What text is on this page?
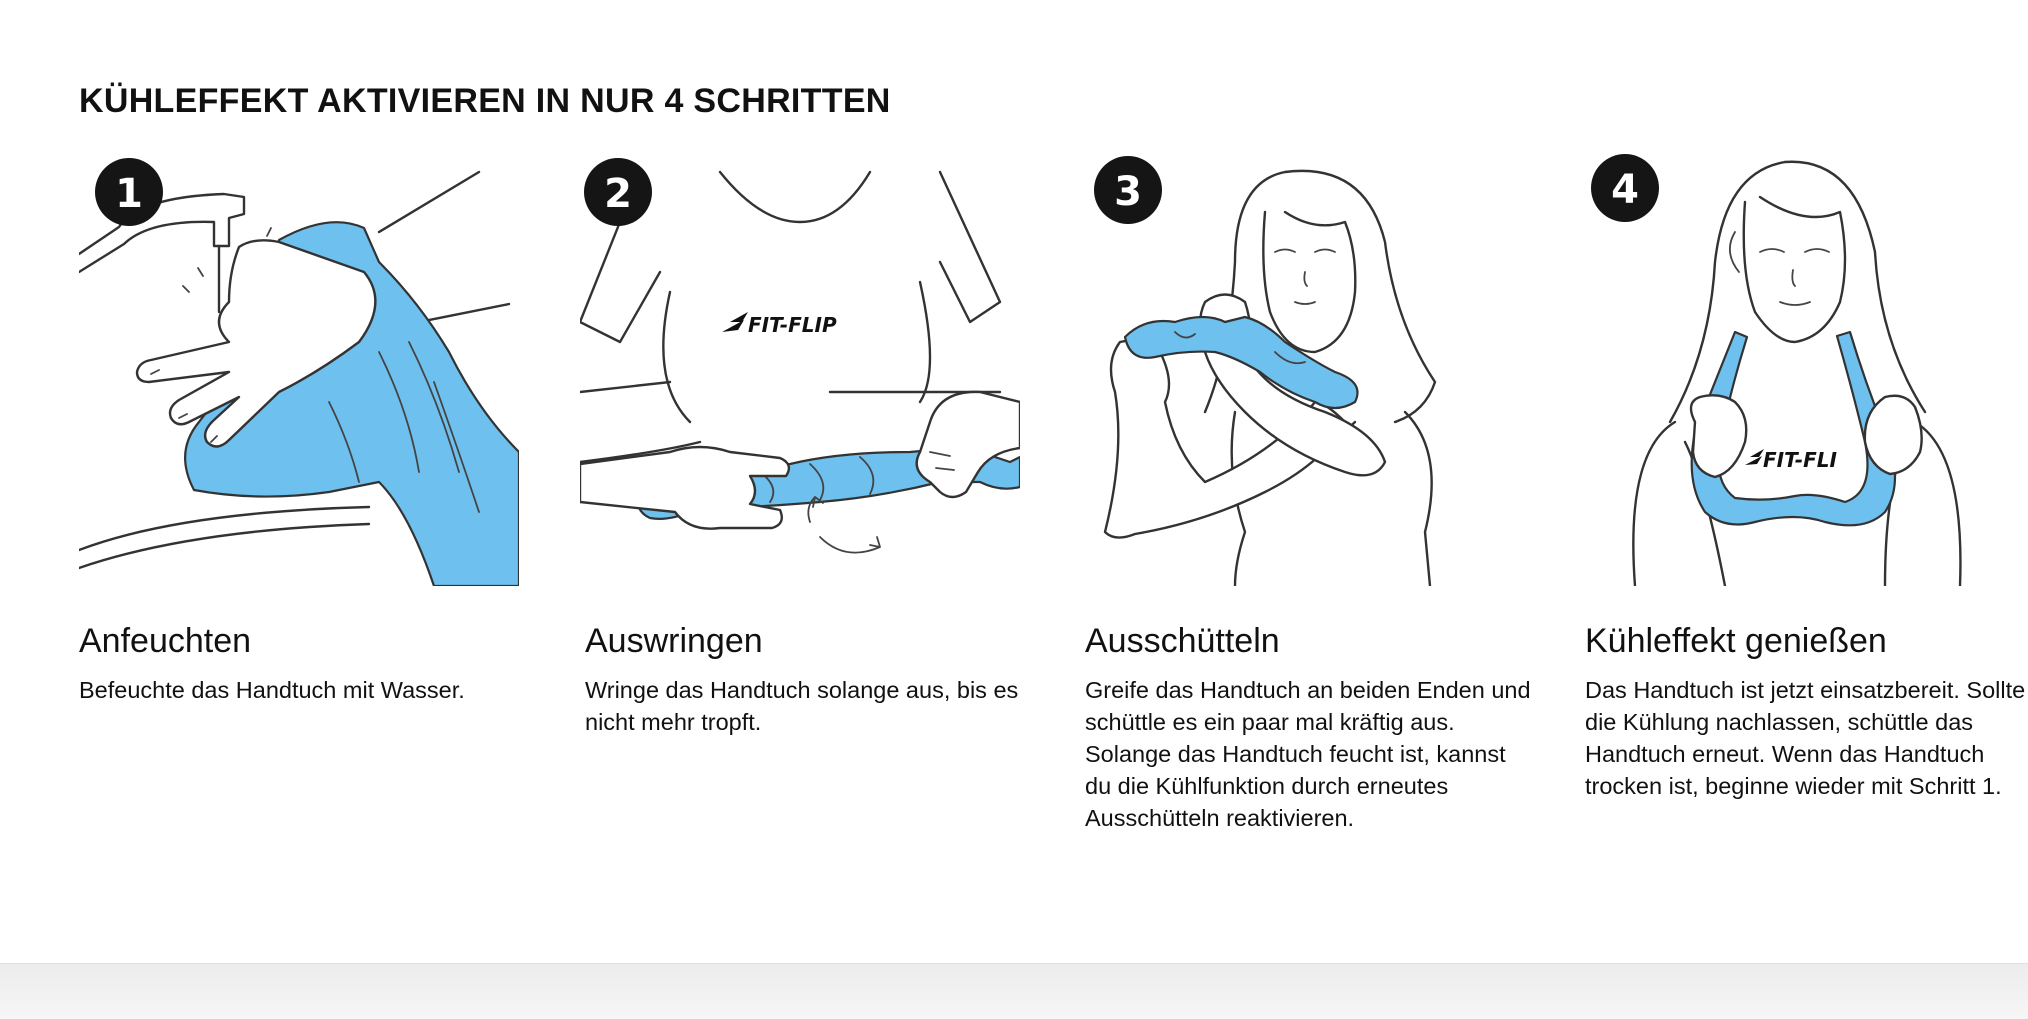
KÜHLEFFEKT AKTIVIEREN IN NUR 4 SCHRITTEN
1
Anfeuchten

Befeuchte das Handtuch mit Wasser.

FIT-FLIP
2
Auswringen

Wringe das Handtuch solange aus, bis es nicht mehr tropft.

3
Ausschütteln

Greife das Handtuch an beiden Enden und schüttle es ein paar mal kräftig aus. Solange das Handtuch feucht ist, kannst du die Kühlfunktion durch erneutes Ausschütteln reaktivieren.

FIT-FLI
4
Kühleffekt genießen

Das Handtuch ist jetzt einsatzbereit. Sollte die Kühlung nachlassen, schüttle das Handtuch erneut. Wenn das Handtuch trocken ist, beginne wieder mit Schritt 1.
